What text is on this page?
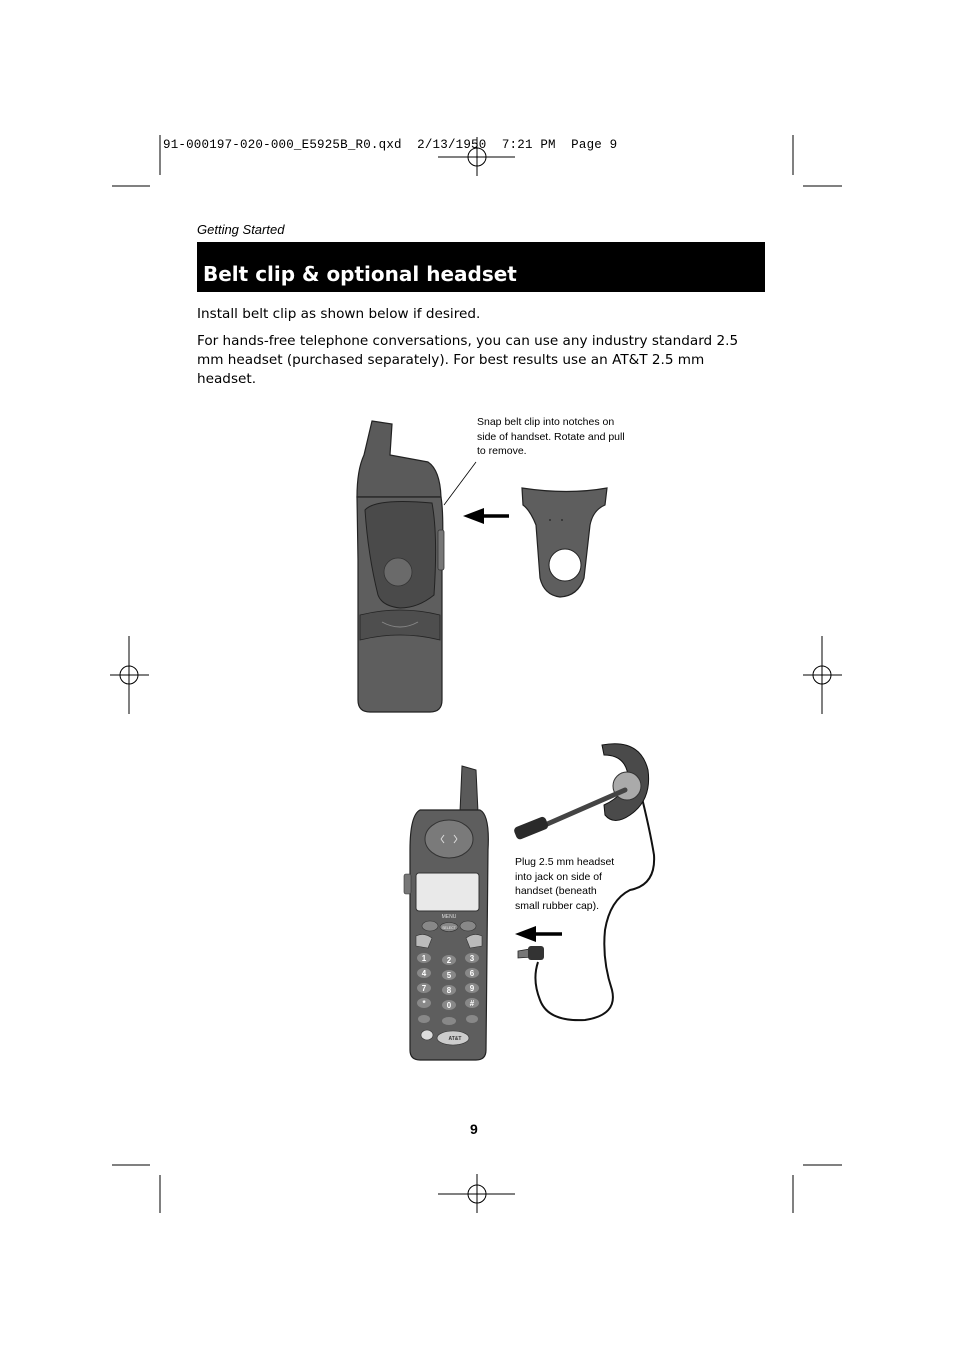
91-000197-020-000_E5925B_R0.qxd  2/13/1950  7:21 PM  Page 9
Getting Started
Belt clip & optional headset
Install belt clip as shown below if desired.
For hands-free telephone conversations, you can use any industry standard 2.5 mm headset (purchased separately). For best results use an AT&T 2.5 mm headset.
MENU
SELECT
1	2 3
4	5 6
7	8 9
*	0 #
AT&T
Snap belt clip into notches on
side of handset. Rotate and pull
to remove.
Plug 2.5 mm headset
into jack on side of
handset (beneath
small rubber cap).
9
